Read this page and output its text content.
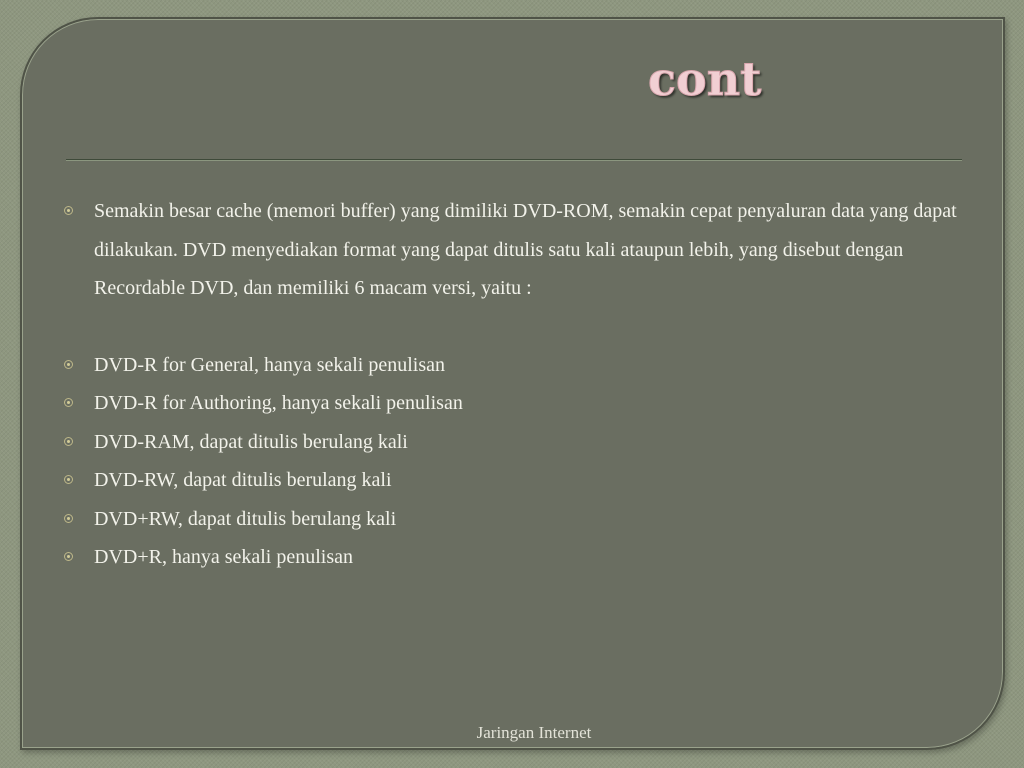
cont
Semakin besar cache (memori buffer) yang dimiliki DVD-ROM, semakin cepat penyaluran data yang dapat dilakukan. DVD menyediakan format yang dapat ditulis satu kali ataupun lebih, yang disebut dengan Recordable DVD, dan memiliki 6 macam versi, yaitu :
DVD-R for General, hanya sekali penulisan
DVD-R for Authoring, hanya sekali penulisan
DVD-RAM, dapat ditulis berulang kali
DVD-RW, dapat ditulis berulang kali
DVD+RW, dapat ditulis berulang kali
DVD+R, hanya sekali penulisan
Jaringan Internet
